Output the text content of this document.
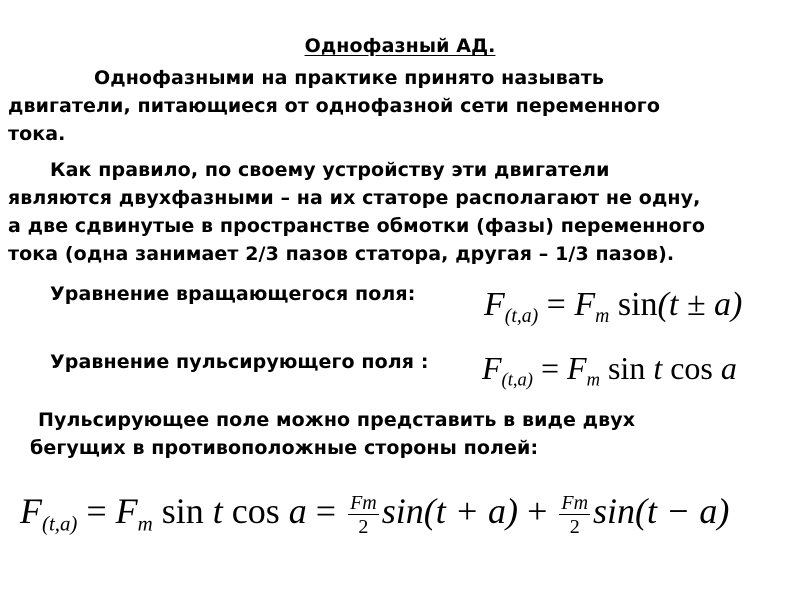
Однофазный АД.
Однофазными на практике принято называть
двигатели, питающиеся от однофазной сети переменного
тока.
Как правило, по своему устройству эти двигатели
являются двухфазными – на их статоре располагают не одну,
а две сдвинутые в пространстве обмотки (фазы) переменного
тока (одна занимает 2/3 пазов статора, другая – 1/3 пазов).
Уравнение вращающегося поля: $F_{(t,a)} = F_m$ sin(t ± a)
Уравнение пульсирующего поля : $F_{(t,a)} = F_m$ sin t cos a
Пульсирующее поле можно представить в виде двух
бегущих в противоположные стороны полей:
$F_{(t,a)} = F_m$ sin t $\cos a = \frac{Fm}{2} \sin(t + a) + \frac{Fm}{2} \sin(t - a)$
